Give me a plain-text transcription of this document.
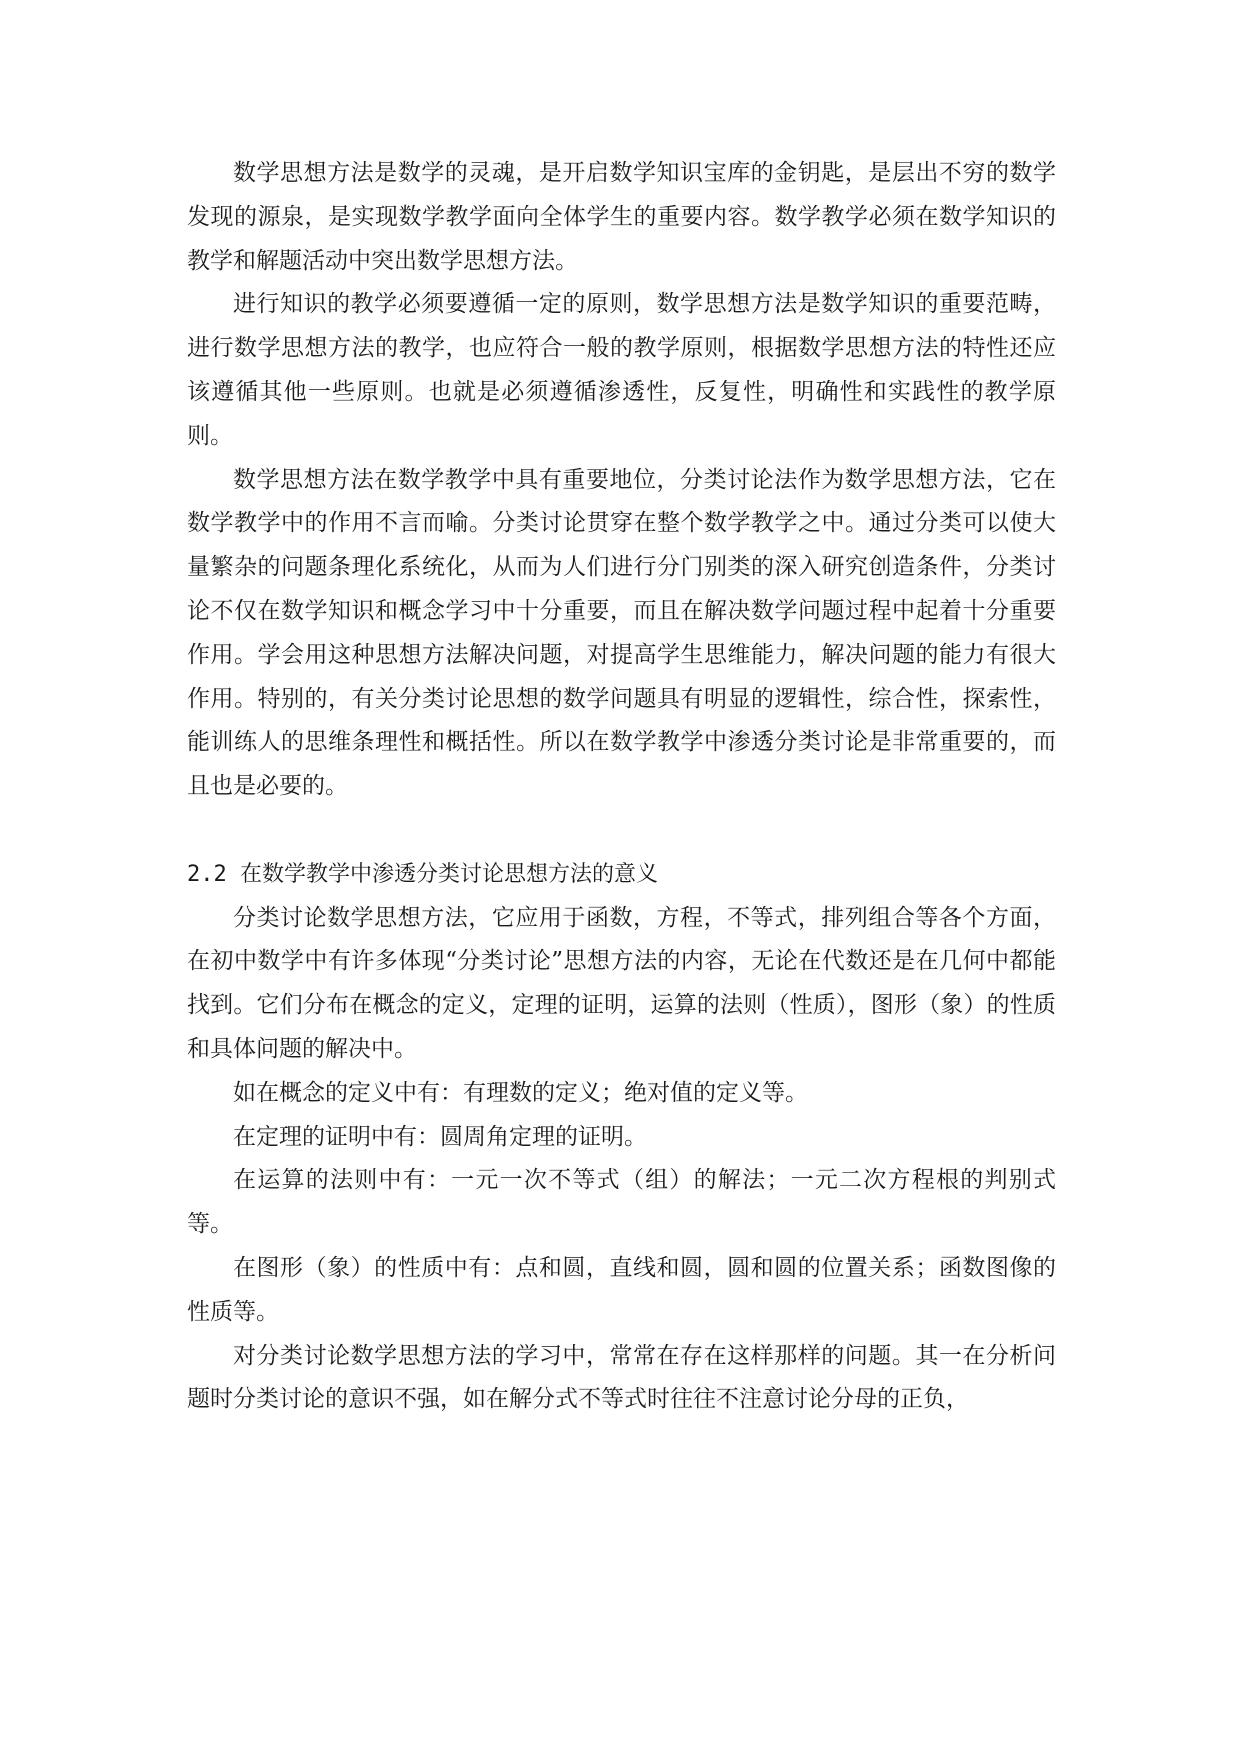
数学思想方法是数学的灵魂，是开启数学知识宝库的金钥匙，是层出不穷的数学发现的源泉，是实现数学教学面向全体学生的重要内容。数学教学必须在数学知识的教学和解题活动中突出数学思想方法。

进行知识的教学必须要遵循一定的原则，数学思想方法是数学知识的重要范畴，进行数学思想方法的教学，也应符合一般的教学原则，根据数学思想方法的特性还应该遵循其他一些原则。也就是必须遵循渗透性，反复性，明确性和实践性的教学原则。

数学思想方法在数学教学中具有重要地位，分类讨论法作为数学思想方法，它在数学教学中的作用不言而喻。分类讨论贯穿在整个数学教学之中。通过分类可以使大量繁杂的问题条理化系统化，从而为人们进行分门别类的深入研究创造条件，分类讨论不仅在数学知识和概念学习中十分重要，而且在解决数学问题过程中起着十分重要作用。学会用这种思想方法解决问题，对提高学生思维能力，解决问题的能力有很大作用。特别的，有关分类讨论思想的数学问题具有明显的逻辑性，综合性，探索性，能训练人的思维条理性和概括性。所以在数学教学中渗透分类讨论是非常重要的，而且也是必要的。

2.2 在数学教学中渗透分类讨论思想方法的意义

分类讨论数学思想方法，它应用于函数，方程，不等式，排列组合等各个方面，在初中数学中有许多体现“分类讨论”思想方法的内容，无论在代数还是在几何中都能找到。它们分布在概念的定义，定理的证明，运算的法则（性质），图形（象）的性质和具体问题的解决中。

如在概念的定义中有：有理数的定义；绝对值的定义等。

在定理的证明中有：圆周角定理的证明。

在运算的法则中有：一元一次不等式（组）的解法；一元二次方程根的判别式等。

在图形（象）的性质中有：点和圆，直线和圆，圆和圆的位置关系；函数图像的性质等。

对分类讨论数学思想方法的学习中，常常在存在这样那样的问题。其一在分析问题时分类讨论的意识不强，如在解分式不等式时往往不注意讨论分母的正负，
